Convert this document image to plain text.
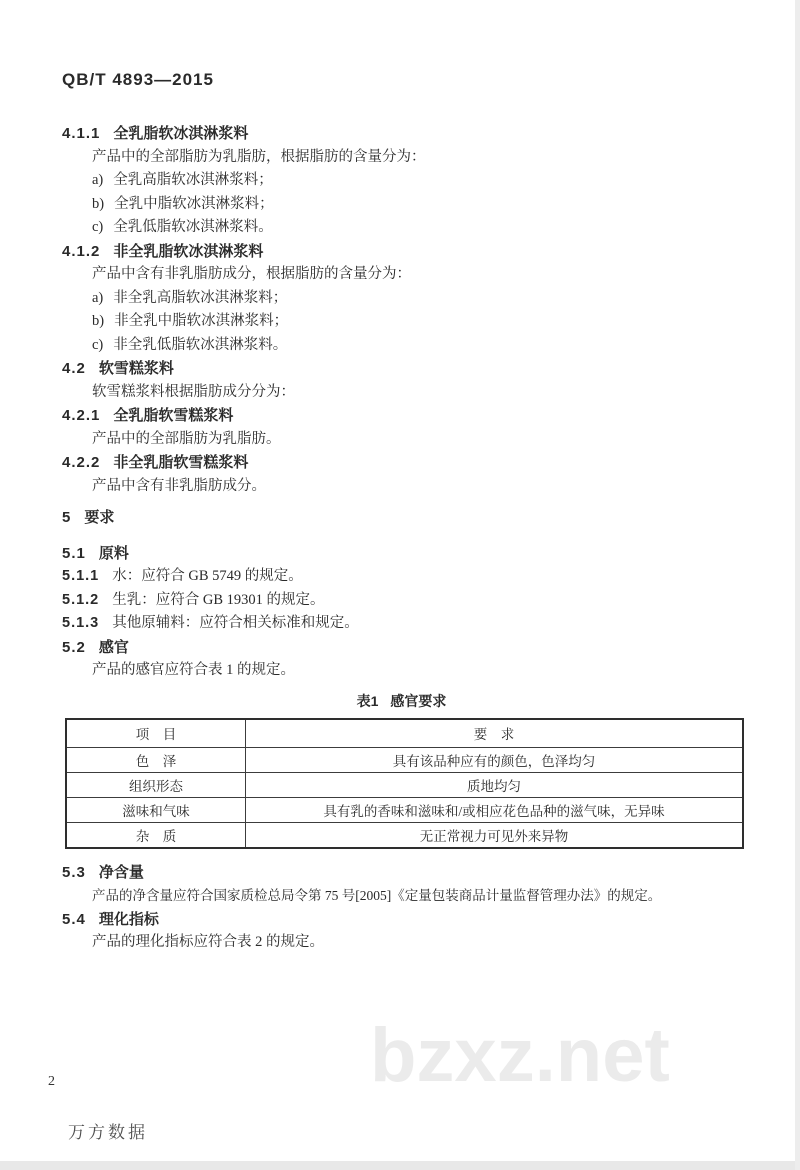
QB/T 4893—2015
4.1.1 全乳脂软冰淇淋浆料
产品中的全部脂肪为乳脂肪，根据脂肪的含量分为：
a) 全乳高脂软冰淇淋浆料；
b) 全乳中脂软冰淇淋浆料；
c) 全乳低脂软冰淇淋浆料。
4.1.2 非全乳脂软冰淇淋浆料
产品中含有非乳脂肪成分，根据脂肪的含量分为：
a) 非全乳高脂软冰淇淋浆料；
b) 非全乳中脂软冰淇淋浆料；
c) 非全乳低脂软冰淇淋浆料。
4.2 软雪糕浆料
软雪糕浆料根据脂肪成分分为：
4.2.1 全乳脂软雪糕浆料
产品中的全部脂肪为乳脂肪。
4.2.2 非全乳脂软雪糕浆料
产品中含有非乳脂肪成分。
5 要求
5.1 原料
5.1.1 水：应符合 GB 5749 的规定。
5.1.2 生乳：应符合 GB 19301 的规定。
5.1.3 其他原辅料：应符合相关标准和规定。
5.2 感官
产品的感官应符合表 1 的规定。
表1 感官要求
项　目	要　求
色　泽	具有该品种应有的颜色，色泽均匀
组织形态	质地均匀
滋味和气味	具有乳的香味和滋味和/或相应花色品种的滋气味，无异味
杂　质	无正常视力可见外来异物
5.3 净含量
产品的净含量应符合国家质检总局令第 75 号[2005]《定量包装商品计量监督管理办法》的规定。
5.4 理化指标
产品的理化指标应符合表 2 的规定。
bzxz.net
2
万方数据
